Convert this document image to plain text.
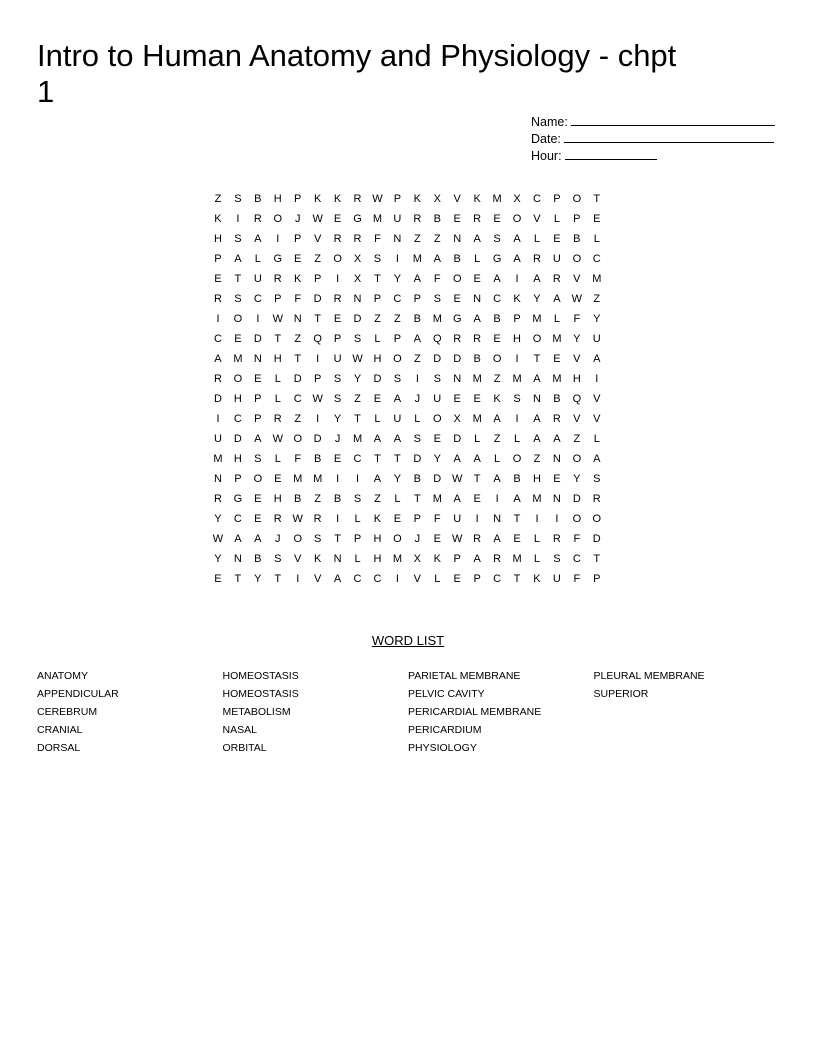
Intro to Human Anatomy and Physiology - chpt 1
Name:
Date:
Hour:
Z	S	B	H	P	K	K	R W	P	K	X	V	K	M	X	C	P	O	T
K	I	R	O	J	W	E	G	M	U	R	B	E	R	E	O	V	L	P	E
H	S	A	I	P	V	R	R	F	N	Z	Z	N	A	S	A	L	E	B	L
P	A	L	G	E	Z	O	X	S	I	M	A	B	L	G	A	R	U	O	C
E	T	U	R	K	P	I	X	T	Y	A	F	O	E	A	I	A	R	V	M
R	S	C	P	F	D	R	N	P	C	P	S	E	N	C	K	Y	A	W	Z
I	O	I	W N	T	E	D	Z	Z	B	M	G	A	B	P	M	L	F	Y
C	E	D	T	Z	Q	P	S	L	P	A	Q	R	R	E	H	O	M	Y	U
A	M	N	H	T	I	U W H	O	Z	D	D	B	O	I	T	E	V	A
R	O	E	L	D	P	S	Y	D	S	I	S	N	M	Z	M	A	M	H	I
D	H	P	L	C W	S	Z	E	A	J	U	E	E	K	S	N	B	Q	V
I	C	P	R	Z	I	Y	T	L	U	L	O	X	M	A	I	A	R	V	V
U	D	A	W O	D	J	M	A	A	S	E	D	L	Z	L	A	A	Z	L
M	H	S	L	F	B	E	C	T	T	D	Y	A	A	L	O	Z	N	O	A
N	P	O	E	M M	I	I	A	Y	B	D W	T	A	B	H	E	Y	S
R	G	E	H	B	Z	B	S	Z	L	T	M	A	E	I	A	M	N	D	R
Y	C	E	R W R	I	L	K	E	P	F	U	I	N	T	I	I	O	O
W	A	A	J	O	S	T	P	H	O	J	E	W R	A	E	L	R	F	D
Y	N	B	S	V	K	N	L	H	M	X	K	P	A	R	M	L	S	C	T
E	T	Y	T	I	V	A	C	C	I	V	L	E	P	C	T	K	U	F	P
WORD LIST
ANATOMY
APPENDICULAR
CEREBRUM
CRANIAL
DORSAL
HOMEOSTASIS
HOMEOSTASIS
METABOLISM
NASAL
ORBITAL
PARIETAL MEMBRANE
PELVIC CAVITY
PERICARDIAL MEMBRANE
PERICARDIUM
PHYSIOLOGY
PLEURAL MEMBRANE
SUPERIOR
